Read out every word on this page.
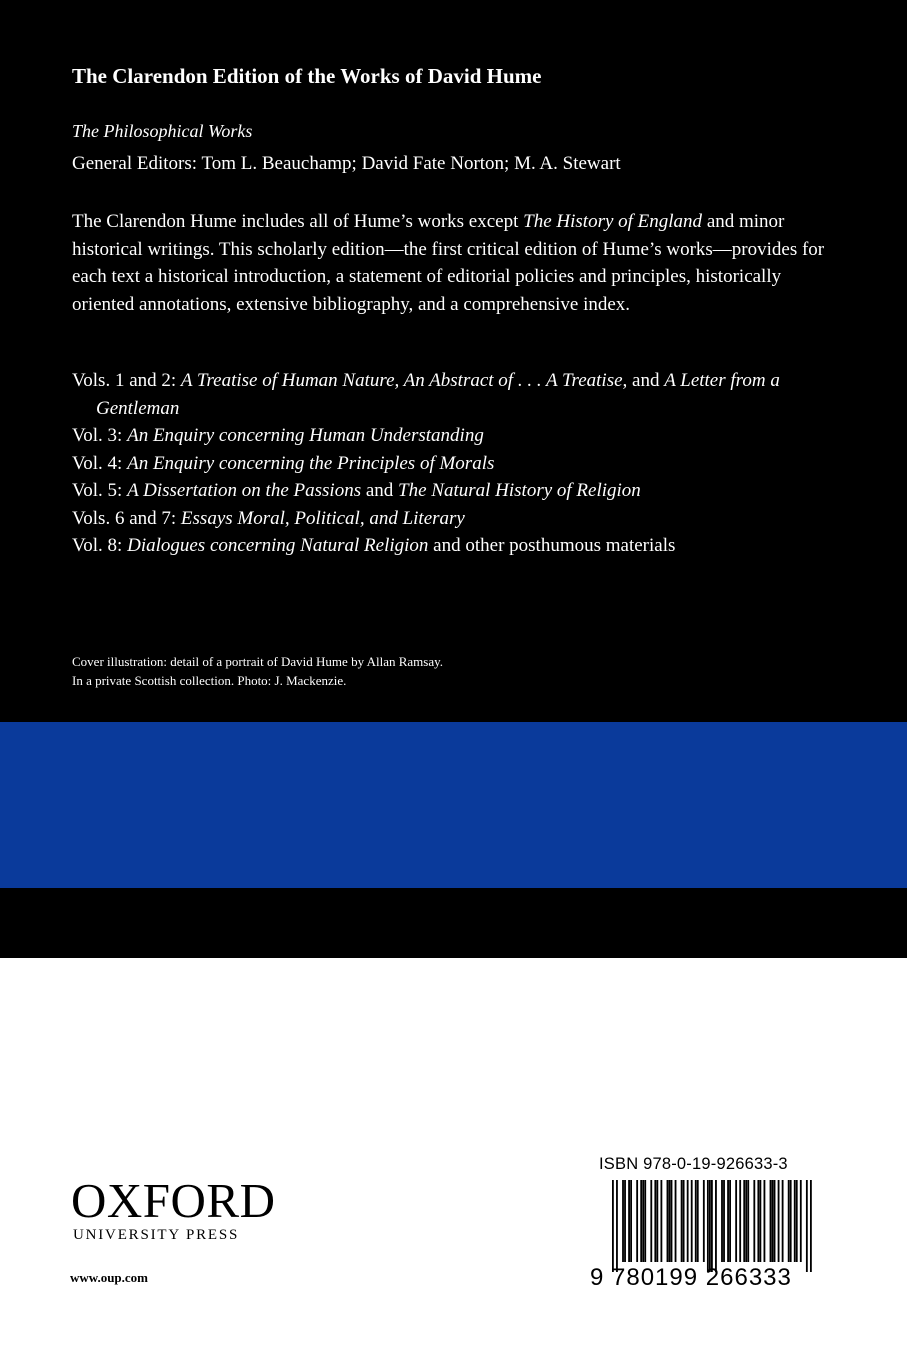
The Clarendon Edition of the Works of David Hume
The Philosophical Works
General Editors: Tom L. Beauchamp; David Fate Norton; M. A. Stewart

The Clarendon Hume includes all of Hume’s works except The History of England and minor historical writings. This scholarly edition—the first critical edition of Hume’s works—provides for each text a historical introduction, a statement of editorial policies and principles, historically oriented annotations, extensive bibliography, and a comprehensive index.

Vols. 1 and 2: A Treatise of Human Nature, An Abstract of . . . A Treatise, and A Letter from a Gentleman
Vol. 3: An Enquiry concerning Human Understanding
Vol. 4: An Enquiry concerning the Principles of Morals
Vol. 5: A Dissertation on the Passions and The Natural History of Religion
Vols. 6 and 7: Essays Moral, Political, and Literary
Vol. 8: Dialogues concerning Natural Religion and other posthumous materials
Cover illustration: detail of a portrait of David Hume by Allan Ramsay.
In a private Scottish collection. Photo: J. Mackenzie.
OXFORD
UNIVERSITY PRESS
www.oup.com
ISBN 978-0-19-926633-3
9 780199 266333
